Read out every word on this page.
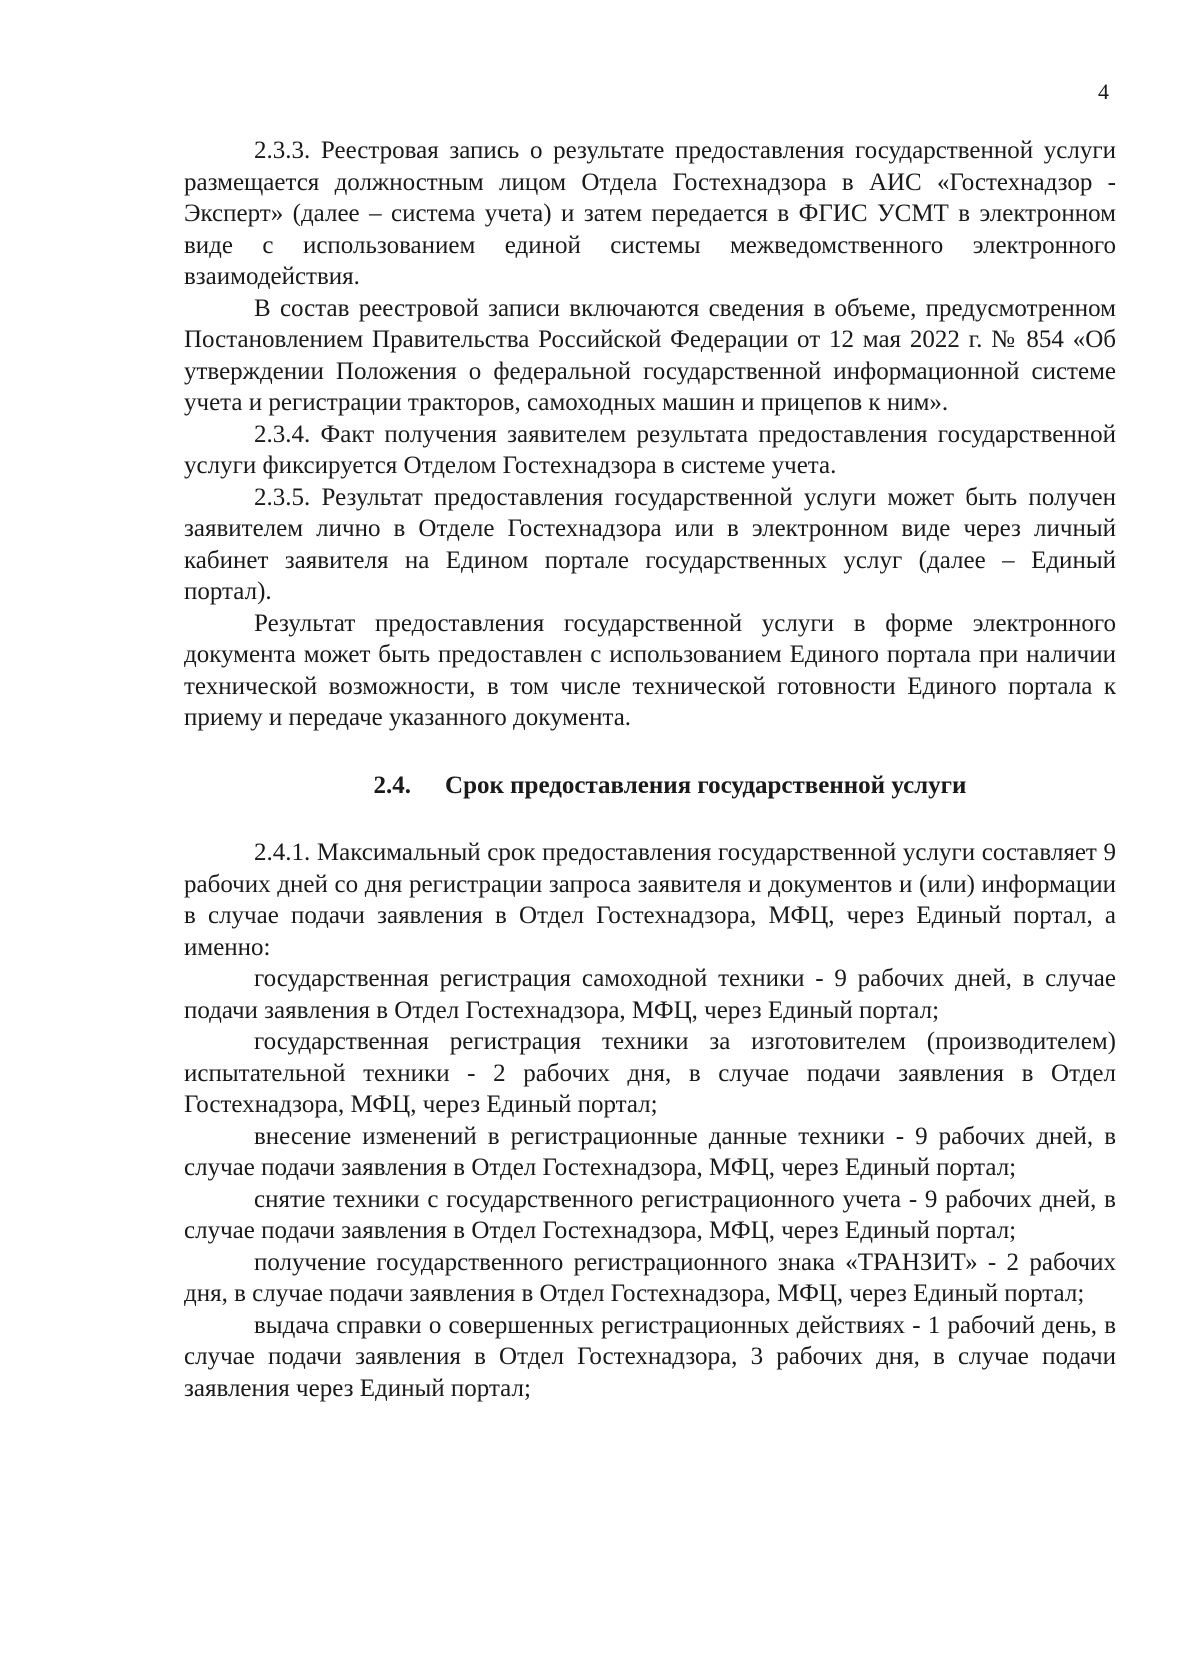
4

2.3.3. Реестровая запись о результате предоставления государственной услуги размещается должностным лицом Отдела Гостехнадзора в АИС «Гостехнадзор - Эксперт» (далее – система учета) и затем передается в ФГИС УСМТ в электронном виде с использованием единой системы межведомственного электронного взаимодействия.

В состав реестровой записи включаются сведения в объеме, предусмотренном Постановлением Правительства Российской Федерации от 12 мая 2022 г. № 854 «Об утверждении Положения о федеральной государственной информационной системе учета и регистрации тракторов, самоходных машин и прицепов к ним».

2.3.4. Факт получения заявителем результата предоставления государственной услуги фиксируется Отделом Гостехнадзора в системе учета.

2.3.5. Результат предоставления государственной услуги может быть получен заявителем лично в Отделе Гостехнадзора или в электронном виде через личный кабинет заявителя на Едином портале государственных услуг (далее – Единый портал).

Результат предоставления государственной услуги в форме электронного документа может быть предоставлен с использованием Единого портала при наличии технической возможности, в том числе технической готовности Единого портала к приему и передаче указанного документа.

2.4. Срок предоставления государственной услуги

2.4.1. Максимальный срок предоставления государственной услуги составляет 9 рабочих дней со дня регистрации запроса заявителя и документов и (или) информации в случае подачи заявления в Отдел Гостехнадзора, МФЦ, через Единый портал, а именно:

государственная регистрация самоходной техники - 9 рабочих дней, в случае подачи заявления в Отдел Гостехнадзора, МФЦ, через Единый портал;

государственная регистрация техники за изготовителем (производителем) испытательной техники - 2 рабочих дня, в случае подачи заявления в Отдел Гостехнадзора, МФЦ, через Единый портал;

внесение изменений в регистрационные данные техники - 9 рабочих дней, в случае подачи заявления в Отдел Гостехнадзора, МФЦ, через Единый портал;

снятие техники с государственного регистрационного учета - 9 рабочих дней, в случае подачи заявления в Отдел Гостехнадзора, МФЦ, через Единый портал;

получение государственного регистрационного знака «ТРАНЗИТ» - 2 рабочих дня, в случае подачи заявления в Отдел Гостехнадзора, МФЦ, через Единый портал;

выдача справки о совершенных регистрационных действиях - 1 рабочий день, в случае подачи заявления в Отдел Гостехнадзора, 3 рабочих дня, в случае подачи заявления через Единый портал;
